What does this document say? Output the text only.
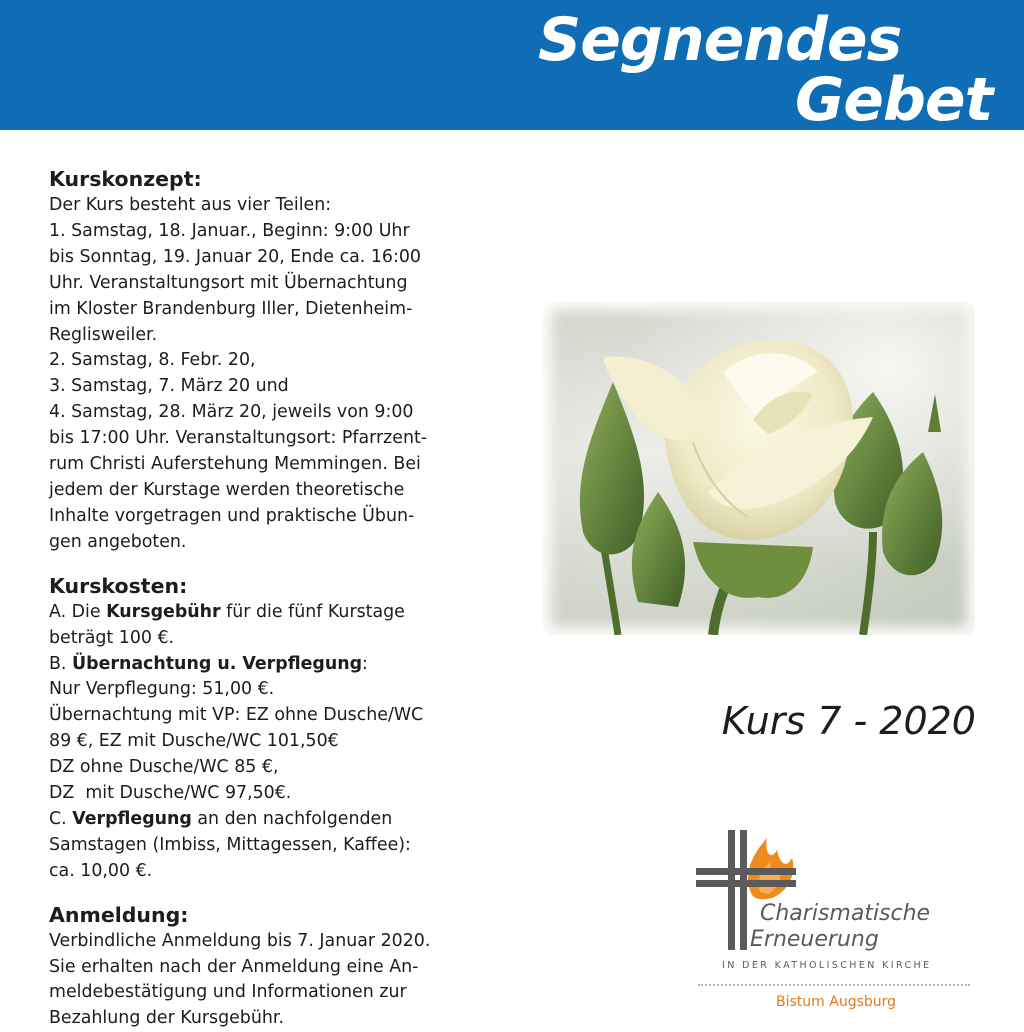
Segnendes
Gebet
Kurskonzept:
Der Kurs besteht aus vier Teilen:
1. Samstag, 18. Januar., Beginn: 9:00 Uhr
bis Sonntag, 19. Januar 20, Ende ca. 16:00
Uhr. Veranstaltungsort mit Übernachtung
im Kloster Brandenburg Iller, Dietenheim-
Reglisweiler.
2. Samstag, 8. Febr. 20,
3. Samstag, 7. März 20 und
4. Samstag, 28. März 20, jeweils von 9:00
bis 17:00 Uhr. Veranstaltungsort: Pfarrzent-
rum Christi Auferstehung Memmingen. Bei
jedem der Kurstage werden theoretische
Inhalte vorgetragen und praktische Übun-
gen angeboten.
Kurskosten:
A. Die Kursgebühr für die fünf Kurstage
beträgt 100 €.
B. Übernachtung u. Verpflegung:
Nur Verpflegung: 51,00 €.
Übernachtung mit VP: EZ ohne Dusche/WC
89 €, EZ mit Dusche/WC 101,50€
DZ ohne Dusche/WC 85 €,
DZ  mit Dusche/WC 97,50€.
C. Verpflegung an den nachfolgenden
Samstagen (Imbiss, Mittagessen, Kaffee):
ca. 10,00 €.
Anmeldung:
Verbindliche Anmeldung bis 7. Januar 2020.
Sie erhalten nach der Anmeldung eine An-
meldebestätigung und Informationen zur
Bezahlung der Kursgebühr.
Kurs 7 - 2020
Charismatische
Erneuerung
IN DER KATHOLISCHEN KIRCHE
Bistum Augsburg
